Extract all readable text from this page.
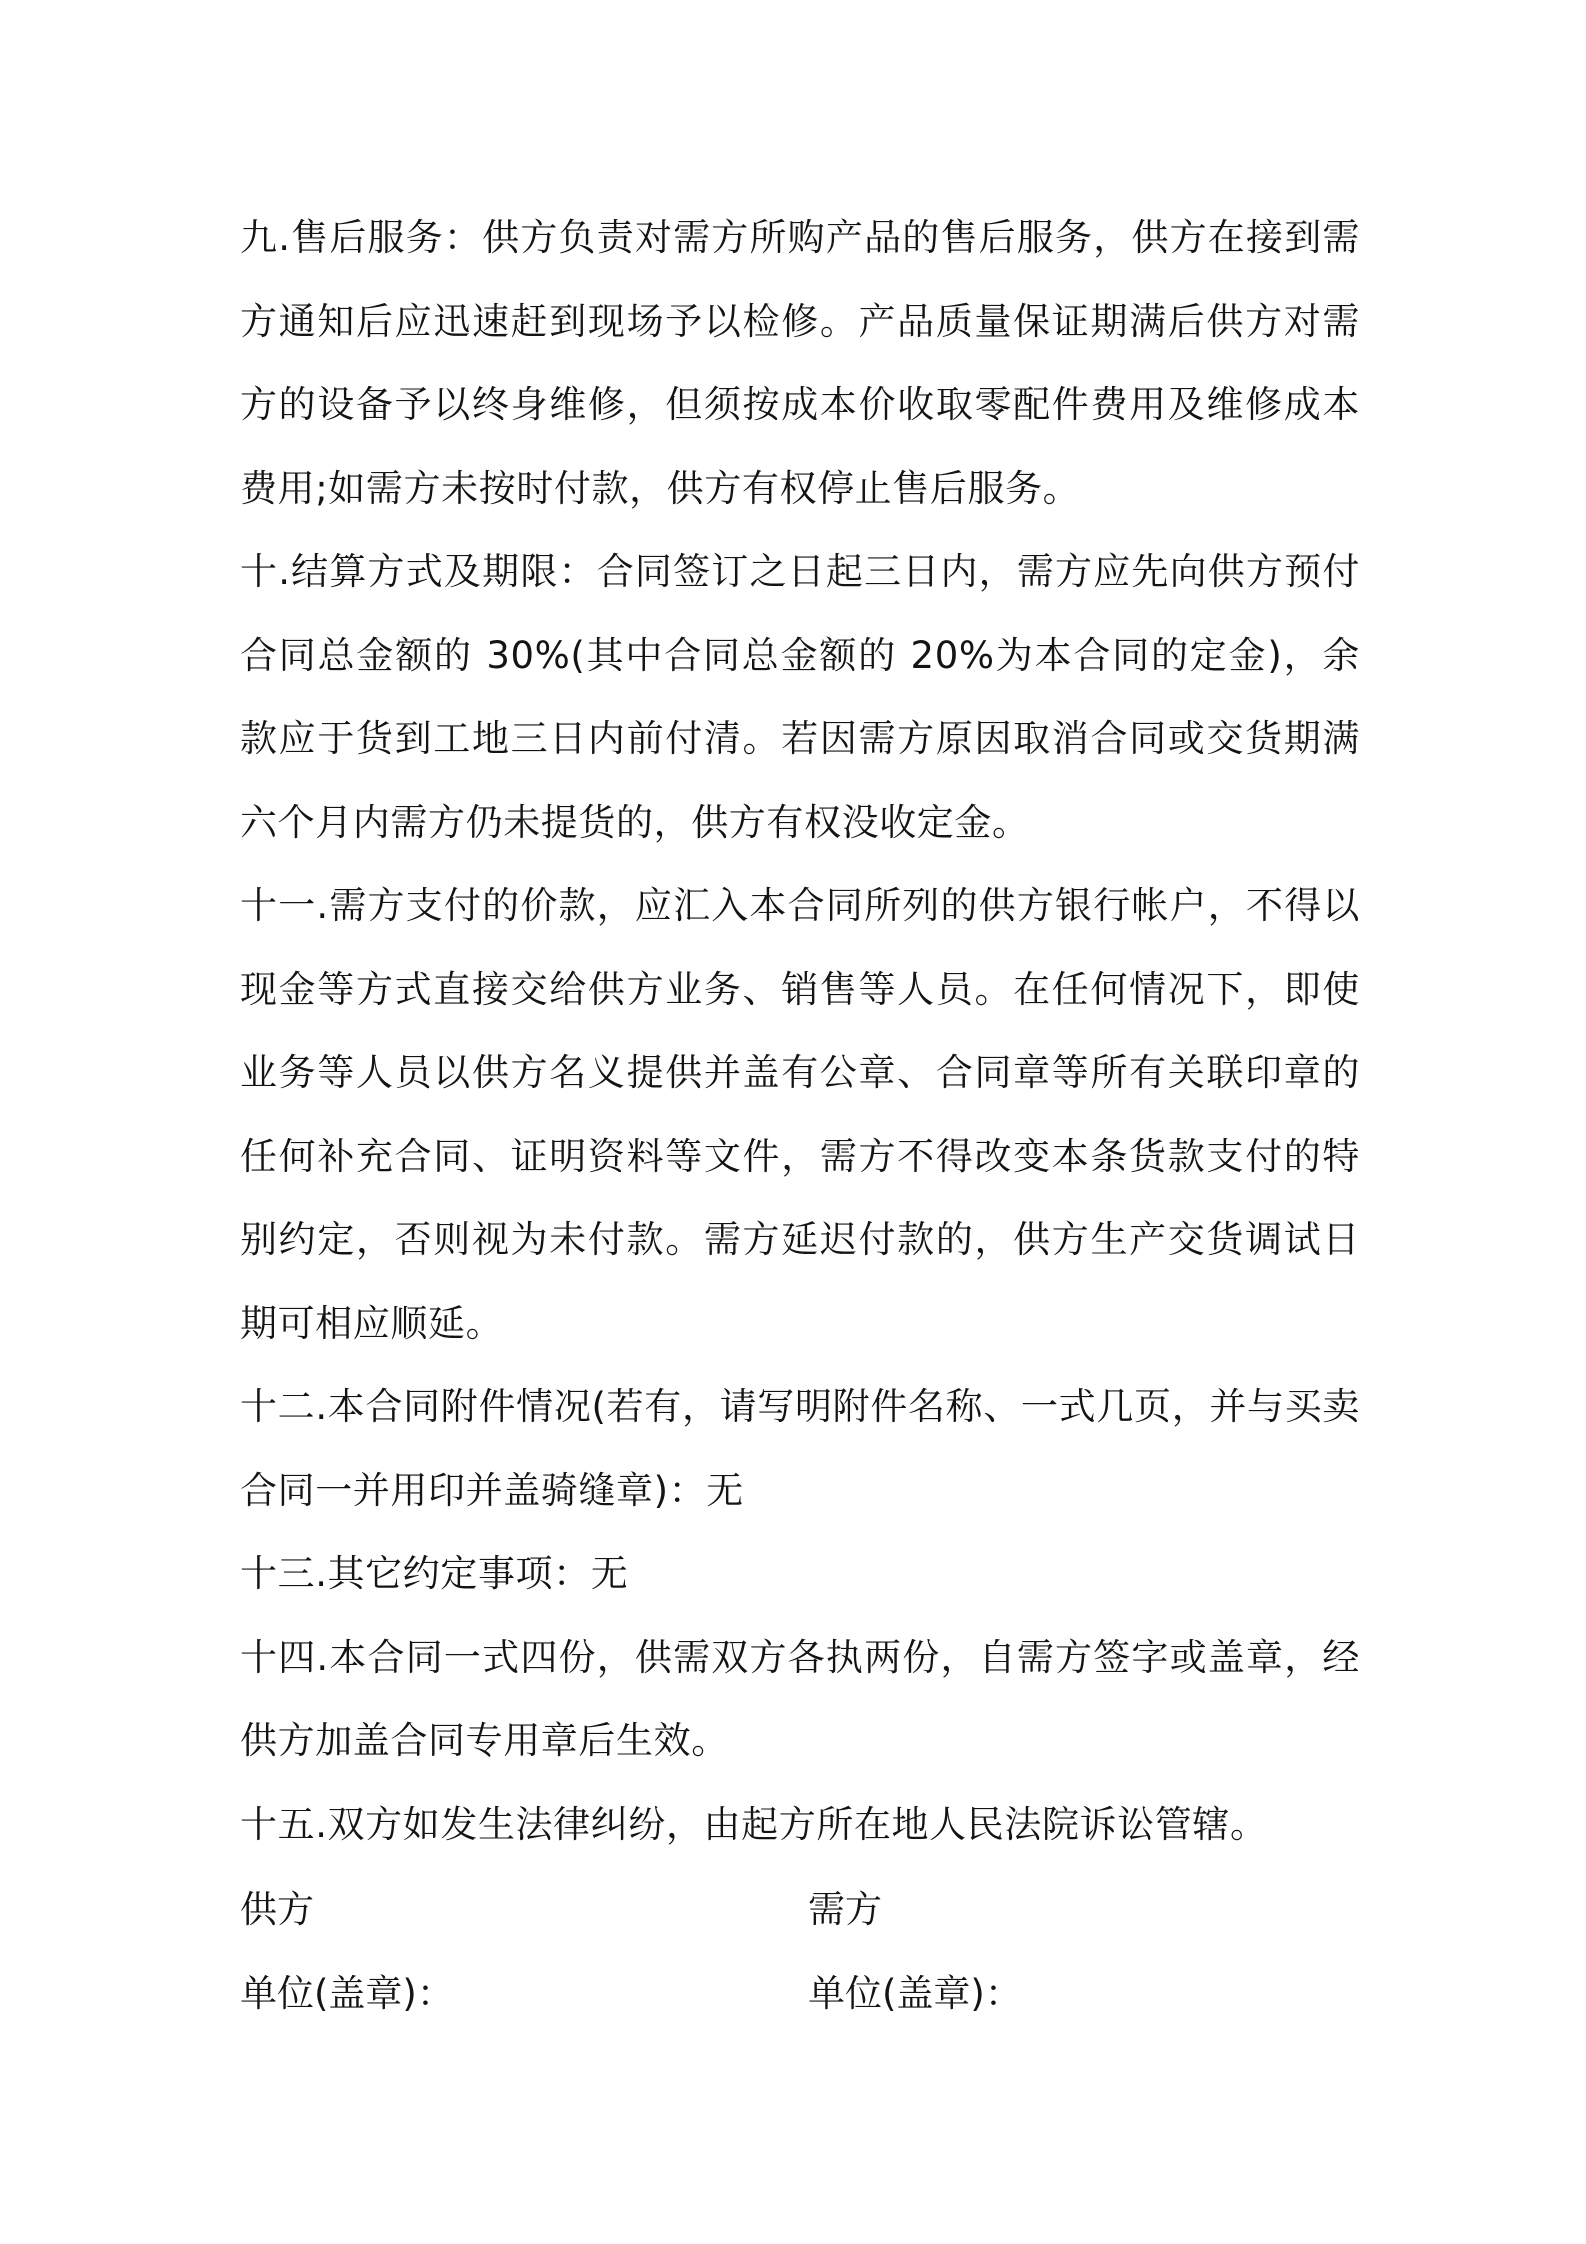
九.售后服务：供方负责对需方所购产品的售后服务，供方在接到需方通知后应迅速赶到现场予以检修。产品质量保证期满后供方对需方的设备予以终身维修，但须按成本价收取零配件费用及维修成本费用;如需方未按时付款，供方有权停止售后服务。

十.结算方式及期限：合同签订之日起三日内，需方应先向供方预付合同总金额的 30%(其中合同总金额的 20%为本合同的定金)，余款应于货到工地三日内前付清。若因需方原因取消合同或交货期满六个月内需方仍未提货的，供方有权没收定金。

十一.需方支付的价款，应汇入本合同所列的供方银行帐户，不得以现金等方式直接交给供方业务、销售等人员。在任何情况下，即使业务等人员以供方名义提供并盖有公章、合同章等所有关联印章的任何补充合同、证明资料等文件，需方不得改变本条货款支付的特别约定，否则视为未付款。需方延迟付款的，供方生产交货调试日期可相应顺延。

十二.本合同附件情况(若有，请写明附件名称、一式几页，并与买卖合同一并用印并盖骑缝章)：无

十三.其它约定事项：无

十四.本合同一式四份，供需双方各执两份，自需方签字或盖章，经供方加盖合同专用章后生效。

十五.双方如发生法律纠纷，由起方所在地人民法院诉讼管辖。

供方	需方
单位(盖章)：	单位(盖章)：
